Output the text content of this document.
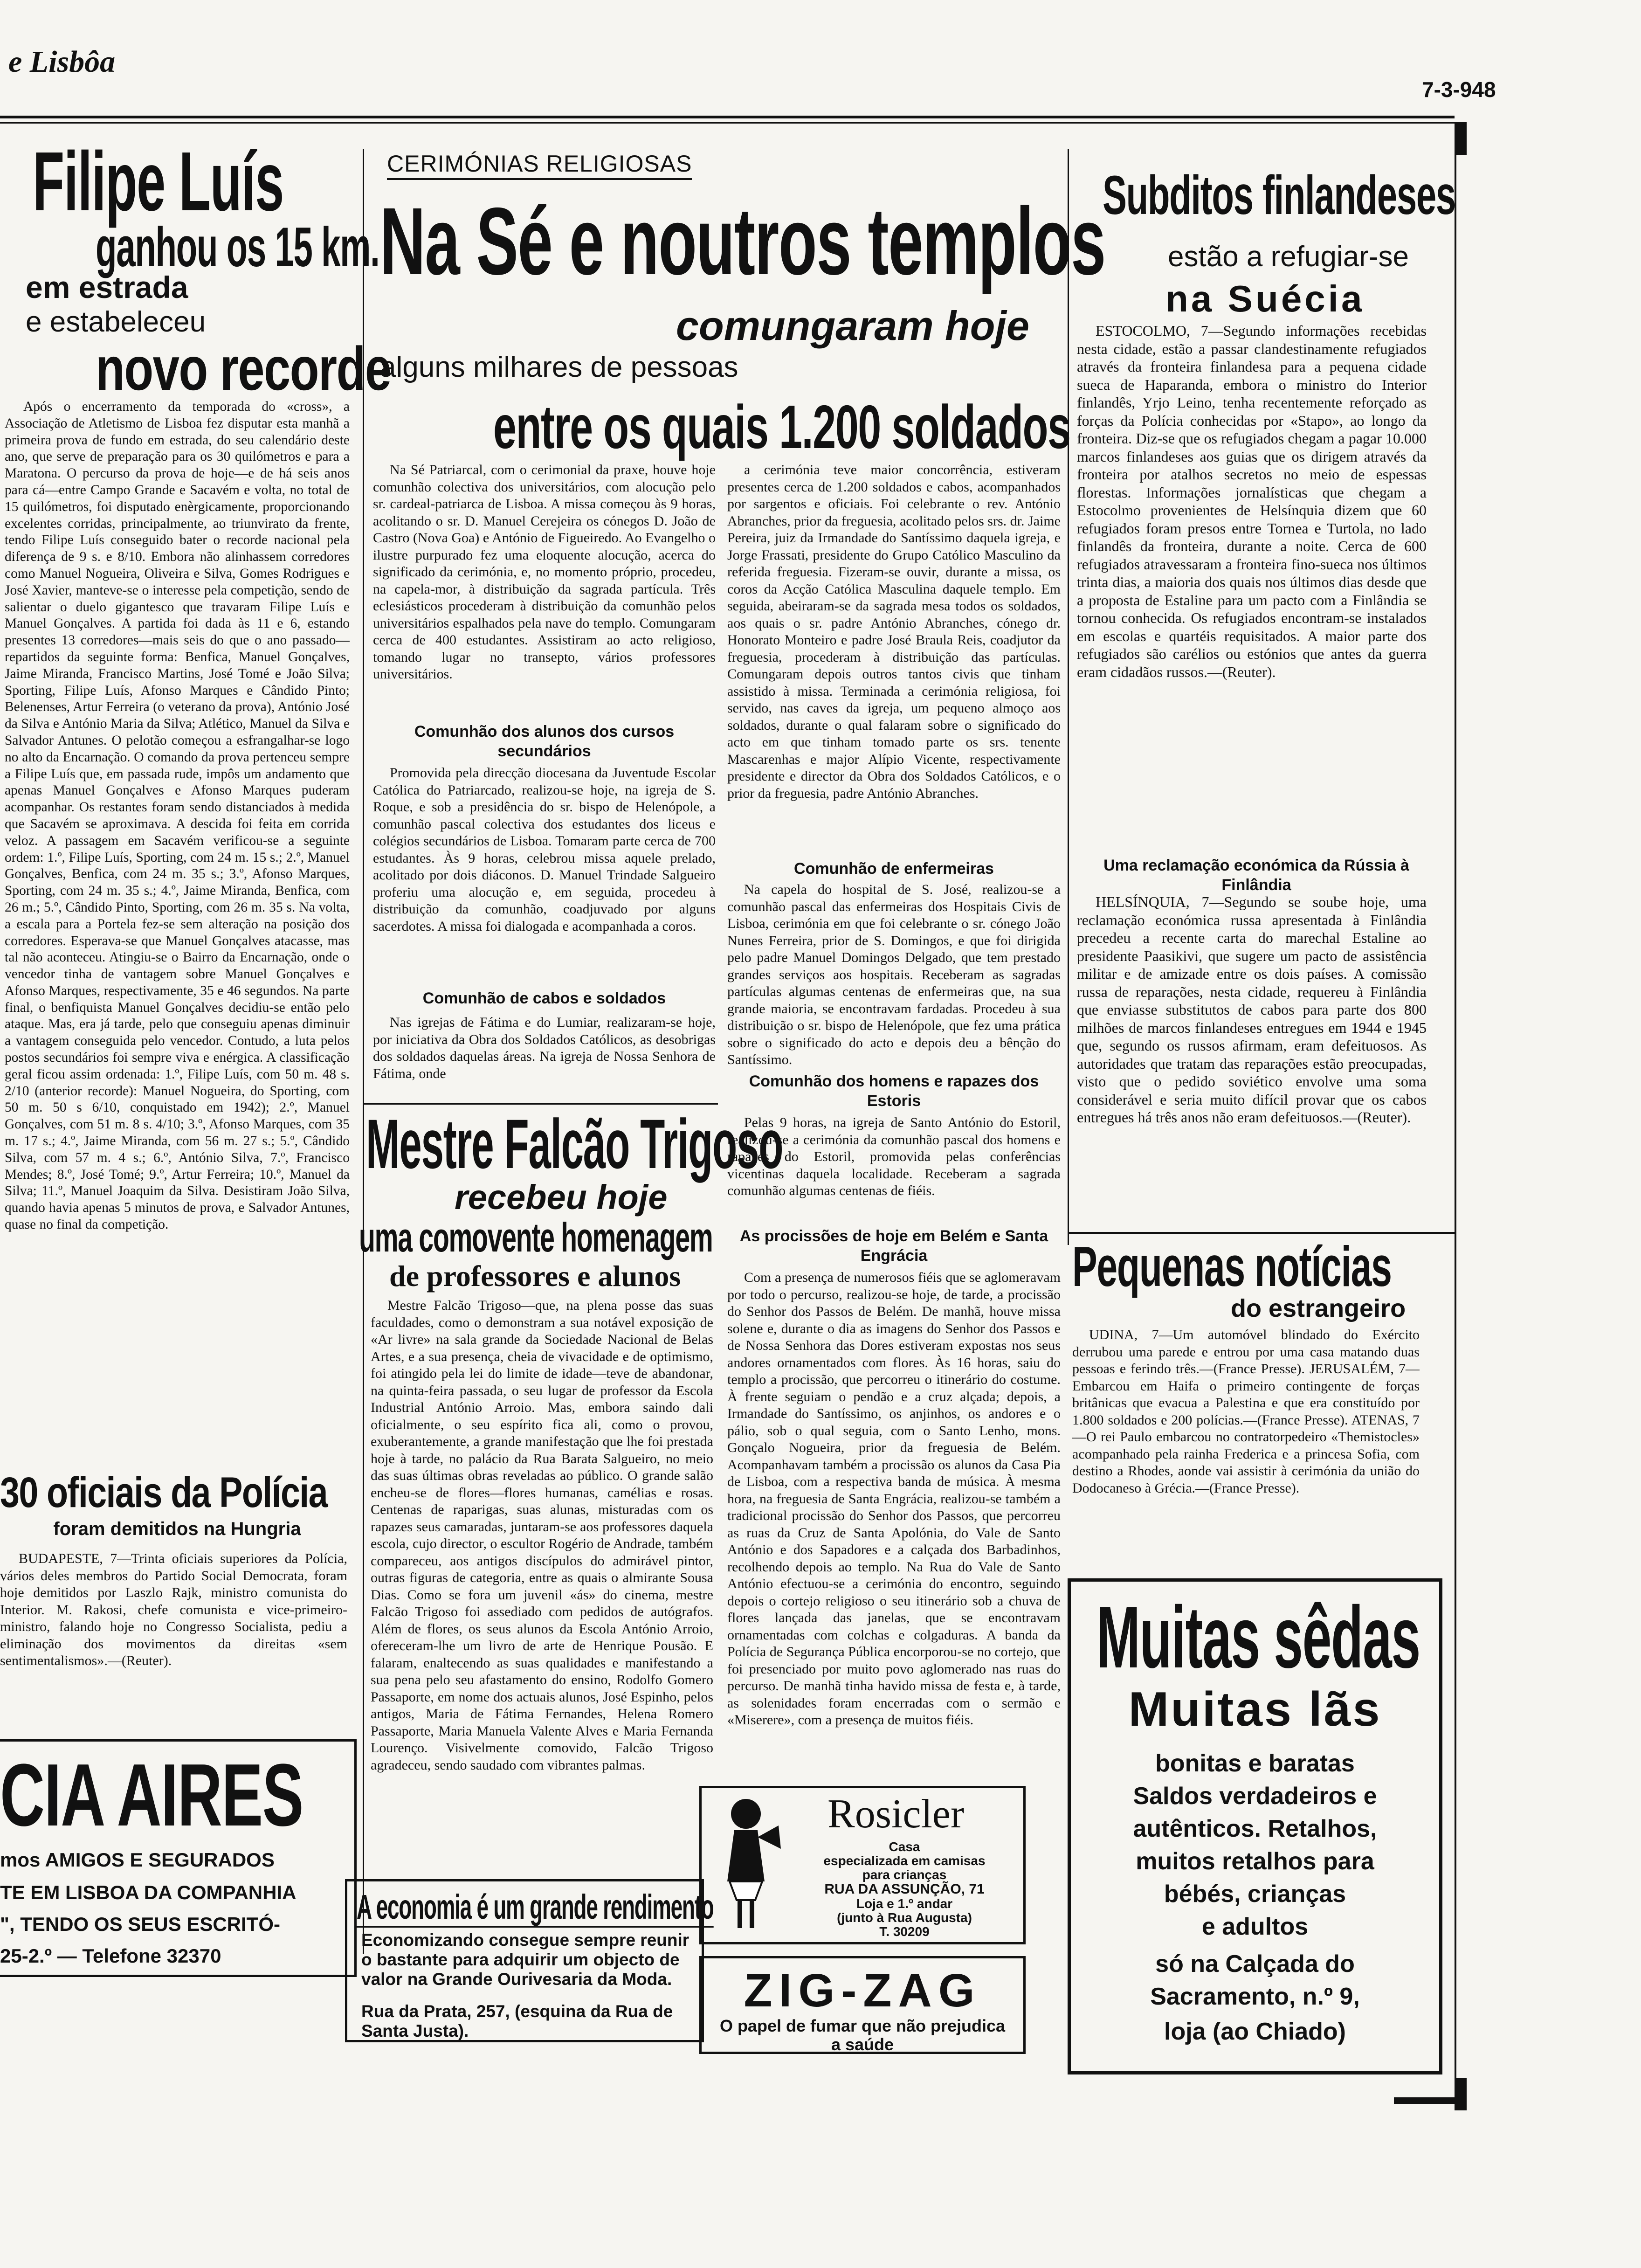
e Lisbôa
7-3-948
Filipe Luís
ganhou os 15 km.
em estrada
e estabeleceu
novo recorde
Após o encerramento da temporada do «cross», a Associação de Atletismo de Lisboa fez disputar esta manhã a primeira prova de fundo em estrada, do seu calendário deste ano, que serve de preparação para os 30 quilómetros e para a Maratona. O percurso da prova de hoje—e de há seis anos para cá—entre Campo Grande e Sacavém e volta, no total de 15 quilómetros, foi disputado enèrgicamente, proporcionando excelentes corridas, principalmente, ao triunvirato da frente, tendo Filipe Luís conseguido bater o recorde nacional pela diferença de 9 s. e 8/10. Embora não alinhassem corredores como Manuel Nogueira, Oliveira e Silva, Gomes Rodrigues e José Xavier, manteve-se o interesse pela competição, sendo de salientar o duelo gigantesco que travaram Filipe Luís e Manuel Gonçalves. A partida foi dada às 11 e 6, estando presentes 13 corredores—mais seis do que o ano passado—repartidos da seguinte forma: Benfica, Manuel Gonçalves, Jaime Miranda, Francisco Martins, José Tomé e João Silva; Sporting, Filipe Luís, Afonso Marques e Cândido Pinto; Belenenses, Artur Ferreira (o veterano da prova), António José da Silva e António Maria da Silva; Atlético, Manuel da Silva e Salvador Antunes. O pelotão começou a esfrangalhar-se logo no alto da Encarnação. O comando da prova pertenceu sempre a Filipe Luís que, em passada rude, impôs um andamento que apenas Manuel Gonçalves e Afonso Marques puderam acompanhar. Os restantes foram sendo distanciados à medida que Sacavém se aproximava. A descida foi feita em corrida veloz. A passagem em Sacavém verificou-se a seguinte ordem: 1.º, Filipe Luís, Sporting, com 24 m. 15 s.; 2.º, Manuel Gonçalves, Benfica, com 24 m. 35 s.; 3.º, Afonso Marques, Sporting, com 24 m. 35 s.; 4.º, Jaime Miranda, Benfica, com 26 m.; 5.º, Cândido Pinto, Sporting, com 26 m. 35 s. Na volta, a escala para a Portela fez-se sem alteração na posição dos corredores. Esperava-se que Manuel Gonçalves atacasse, mas tal não aconteceu. Atingiu-se o Bairro da Encarnação, onde o vencedor tinha de vantagem sobre Manuel Gonçalves e Afonso Marques, respectivamente, 35 e 46 segundos. Na parte final, o benfiquista Manuel Gonçalves decidiu-se então pelo ataque. Mas, era já tarde, pelo que conseguiu apenas diminuir a vantagem conseguida pelo vencedor. Contudo, a luta pelos postos secundários foi sempre viva e enérgica. A classificação geral ficou assim ordenada: 1.º, Filipe Luís, com 50 m. 48 s. 2/10 (anterior recorde): Manuel Nogueira, do Sporting, com 50 m. 50 s 6/10, conquistado em 1942); 2.º, Manuel Gonçalves, com 51 m. 8 s. 4/10; 3.º, Afonso Marques, com 35 m. 17 s.; 4.º, Jaime Miranda, com 56 m. 27 s.; 5.º, Cândido Silva, com 57 m. 4 s.; 6.º, António Silva, 7.º, Francisco Mendes; 8.º, José Tomé; 9.º, Artur Ferreira; 10.º, Manuel da Silva; 11.º, Manuel Joaquim da Silva. Desistiram João Silva, quando havia apenas 5 minutos de prova, e Salvador Antunes, quase no final da competição.
30 oficiais da Polícia
foram demitidos na Hungria
BUDAPESTE, 7—Trinta oficiais superiores da Polícia, vários deles membros do Partido Social Democrata, foram hoje demitidos por Laszlo Rajk, ministro comunista do Interior. M. Rakosi, chefe comunista e vice-primeiro-ministro, falando hoje no Congresso Socialista, pediu a eliminação dos movimentos da direitas «sem sentimentalismos».—(Reuter).
CIA AIRES
mos AMIGOS E SEGURADOS
TE EM LISBOA DA COMPANHIA
", TENDO OS SEUS ESCRITÓ-
25-2.º — Telefone 32370
CERIMÓNIAS RELIGIOSAS
Na Sé e noutros templos
comungaram hoje
alguns milhares de pessoas
entre os quais 1.200 soldados
Na Sé Patriarcal, com o cerimonial da praxe, houve hoje comunhão colectiva dos universitários, com alocução pelo sr. cardeal-patriarca de Lisboa. A missa começou às 9 horas, acolitando o sr. D. Manuel Cerejeira os cónegos D. João de Castro (Nova Goa) e António de Figueiredo. Ao Evangelho o ilustre purpurado fez uma eloquente alocução, acerca do significado da cerimónia, e, no momento próprio, procedeu, na capela-mor, à distribuição da sagrada partícula. Três eclesiásticos procederam à distribuição da comunhão pelos universitários espalhados pela nave do templo. Comungaram cerca de 400 estudantes. Assistiram ao acto religioso, tomando lugar no transepto, vários professores universitários.
Comunhão dos alunos dos cursos secundários
Promovida pela direcção diocesana da Juventude Escolar Católica do Patriarcado, realizou-se hoje, na igreja de S. Roque, e sob a presidência do sr. bispo de Helenópole, a comunhão pascal colectiva dos estudantes dos liceus e colégios secundários de Lisboa. Tomaram parte cerca de 700 estudantes. Às 9 horas, celebrou missa aquele prelado, acolitado por dois diáconos. D. Manuel Trindade Salgueiro proferiu uma alocução e, em seguida, procedeu à distribuição da comunhão, coadjuvado por alguns sacerdotes. A missa foi dialogada e acompanhada a coros.
Comunhão de cabos e soldados
Nas igrejas de Fátima e do Lumiar, realizaram-se hoje, por iniciativa da Obra dos Soldados Católicos, as desobrigas dos soldados daquelas áreas. Na igreja de Nossa Senhora de Fátima, onde
a cerimónia teve maior concorrência, estiveram presentes cerca de 1.200 soldados e cabos, acompanhados por sargentos e oficiais. Foi celebrante o rev. António Abranches, prior da freguesia, acolitado pelos srs. dr. Jaime Pereira, juiz da Irmandade do Santíssimo daquela igreja, e Jorge Frassati, presidente do Grupo Católico Masculino da referida freguesia. Fizeram-se ouvir, durante a missa, os coros da Acção Católica Masculina daquele templo. Em seguida, abeiraram-se da sagrada mesa todos os soldados, aos quais o sr. padre António Abranches, cónego dr. Honorato Monteiro e padre José Braula Reis, coadjutor da freguesia, procederam à distribuição das partículas. Comungaram depois outros tantos civis que tinham assistido à missa. Terminada a cerimónia religiosa, foi servido, nas caves da igreja, um pequeno almoço aos soldados, durante o qual falaram sobre o significado do acto em que tinham tomado parte os srs. tenente Mascarenhas e major Alípio Vicente, respectivamente presidente e director da Obra dos Soldados Católicos, e o prior da freguesia, padre António Abranches.
Comunhão de enfermeiras
Na capela do hospital de S. José, realizou-se a comunhão pascal das enfermeiras dos Hospitais Civis de Lisboa, cerimónia em que foi celebrante o sr. cónego João Nunes Ferreira, prior de S. Domingos, e que foi dirigida pelo padre Manuel Domingos Delgado, que tem prestado grandes serviços aos hospitais. Receberam as sagradas partículas algumas centenas de enfermeiras que, na sua grande maioria, se encontravam fardadas. Procedeu à sua distribuição o sr. bispo de Helenópole, que fez uma prática sobre o significado do acto e depois deu a bênção do Santíssimo.
Comunhão dos homens e rapazes dos Estoris
Pelas 9 horas, na igreja de Santo António do Estoril, realizou-se a cerimónia da comunhão pascal dos homens e rapazes do Estoril, promovida pelas conferências vicentinas daquela localidade. Receberam a sagrada comunhão algumas centenas de fiéis.
As procissões de hoje em Belém e Santa Engrácia
Com a presença de numerosos fiéis que se aglomeravam por todo o percurso, realizou-se hoje, de tarde, a procissão do Senhor dos Passos de Belém. De manhã, houve missa solene e, durante o dia as imagens do Senhor dos Passos e de Nossa Senhora das Dores estiveram expostas nos seus andores ornamentados com flores. Às 16 horas, saiu do templo a procissão, que percorreu o itinerário do costume. À frente seguiam o pendão e a cruz alçada; depois, a Irmandade do Santíssimo, os anjinhos, os andores e o pálio, sob o qual seguia, com o Santo Lenho, mons. Gonçalo Nogueira, prior da freguesia de Belém. Acompanhavam também a procissão os alunos da Casa Pia de Lisboa, com a respectiva banda de música. À mesma hora, na freguesia de Santa Engrácia, realizou-se também a tradicional procissão do Senhor dos Passos, que percorreu as ruas da Cruz de Santa Apolónia, do Vale de Santo António e dos Sapadores e a calçada dos Barbadinhos, recolhendo depois ao templo. Na Rua do Vale de Santo António efectuou-se a cerimónia do encontro, seguindo depois o cortejo religioso o seu itinerário sob a chuva de flores lançada das janelas, que se encontravam ornamentadas com colchas e colgaduras. A banda da Polícia de Segurança Pública encorporou-se no cortejo, que foi presenciado por muito povo aglomerado nas ruas do percurso. De manhã tinha havido missa de festa e, à tarde, as solenidades foram encerradas com o sermão e «Miserere», com a presença de muitos fiéis.
Mestre Falcão Trigoso
recebeu hoje
uma comovente homenagem
de professores e alunos
Mestre Falcão Trigoso—que, na plena posse das suas faculdades, como o demonstram a sua notável exposição de «Ar livre» na sala grande da Sociedade Nacional de Belas Artes, e a sua presença, cheia de vivacidade e de optimismo, foi atingido pela lei do limite de idade—teve de abandonar, na quinta-feira passada, o seu lugar de professor da Escola Industrial António Arroio. Mas, embora saindo dali oficialmente, o seu espírito fica ali, como o provou, exuberantemente, a grande manifestação que lhe foi prestada hoje à tarde, no palácio da Rua Barata Salgueiro, no meio das suas últimas obras reveladas ao público. O grande salão encheu-se de flores—flores humanas, camélias e rosas. Centenas de raparigas, suas alunas, misturadas com os rapazes seus camaradas, juntaram-se aos professores daquela escola, cujo director, o escultor Rogério de Andrade, também compareceu, aos antigos discípulos do admirável pintor, outras figuras de categoria, entre as quais o almirante Sousa Dias. Como se fora um juvenil «ás» do cinema, mestre Falcão Trigoso foi assediado com pedidos de autógrafos. Além de flores, os seus alunos da Escola António Arroio, ofereceram-lhe um livro de arte de Henrique Pousão. E falaram, enaltecendo as suas qualidades e manifestando a sua pena pelo seu afastamento do ensino, Rodolfo Gomero Passaporte, em nome dos actuais alunos, José Espinho, pelos antigos, Maria de Fátima Fernandes, Helena Romero Passaporte, Maria Manuela Valente Alves e Maria Fernanda Lourenço. Visivelmente comovido, Falcão Trigoso agradeceu, sendo saudado com vibrantes palmas.
A economia é um grande rendimento
Economizando consegue sempre reunir o bastante para adquirir um objecto de valor na Grande Ourivesaria da Moda.
Rua da Prata, 257, (esquina da Rua de Santa Justa).
Rosicler
Casa
especializada em camisas
para crianças
RUA DA ASSUNÇÃO, 71
Loja e 1.º andar
(junto à Rua Augusta)
T. 30209
ZIG-ZAG
O papel de fumar que não prejudica a saúde
Subditos finlandeses
estão a refugiar-se
na Suécia
ESTOCOLMO, 7—Segundo informações recebidas nesta cidade, estão a passar clandestinamente refugiados através da fronteira finlandesa para a pequena cidade sueca de Haparanda, embora o ministro do Interior finlandês, Yrjo Leino, tenha recentemente reforçado as forças da Polícia conhecidas por «Stapo», ao longo da fronteira. Diz-se que os refugiados chegam a pagar 10.000 marcos finlandeses aos guias que os dirigem através da fronteira por atalhos secretos no meio de espessas florestas. Informações jornalísticas que chegam a Estocolmo provenientes de Helsínquia dizem que 60 refugiados foram presos entre Tornea e Turtola, no lado finlandês da fronteira, durante a noite. Cerca de 600 refugiados atravessaram a fronteira fino-sueca nos últimos trinta dias, a maioria dos quais nos últimos dias desde que a proposta de Estaline para um pacto com a Finlândia se tornou conhecida. Os refugiados encontram-se instalados em escolas e quartéis requisitados. A maior parte dos refugiados são carélios ou estónios que antes da guerra eram cidadãos russos.—(Reuter).
Uma reclamação económica da Rússia à Finlândia
HELSÍNQUIA, 7—Segundo se soube hoje, uma reclamação económica russa apresentada à Finlândia precedeu a recente carta do marechal Estaline ao presidente Paasikivi, que sugere um pacto de assistência militar e de amizade entre os dois países. A comissão russa de reparações, nesta cidade, requereu à Finlândia que enviasse substitutos de cabos para parte dos 800 milhões de marcos finlandeses entregues em 1944 e 1945 que, segundo os russos afirmam, eram defeituosos. As autoridades que tratam das reparações estão preocupadas, visto que o pedido soviético envolve uma soma considerável e seria muito difícil provar que os cabos entregues há três anos não eram defeituosos.—(Reuter).
Pequenas notícias
do estrangeiro
UDINA, 7—Um automóvel blindado do Exército derrubou uma parede e entrou por uma casa matando duas pessoas e ferindo três.—(France Presse). JERUSALÉM, 7—Embarcou em Haifa o primeiro contingente de forças britânicas que evacua a Palestina e que era constituído por 1.800 soldados e 200 polícias.—(France Presse). ATENAS, 7—O rei Paulo embarcou no contratorpedeiro «Themistocles» acompanhado pela rainha Frederica e a princesa Sofia, com destino a Rhodes, aonde vai assistir à cerimónia da união do Dodocaneso à Grécia.—(France Presse).
Muitas sêdas
Muitas lãs
bonitas e baratas
Saldos verdadeiros e
autênticos. Retalhos,
muitos retalhos para
bébés, crianças
e adultos
só na Calçada do
Sacramento, n.º 9,
loja (ao Chiado)
